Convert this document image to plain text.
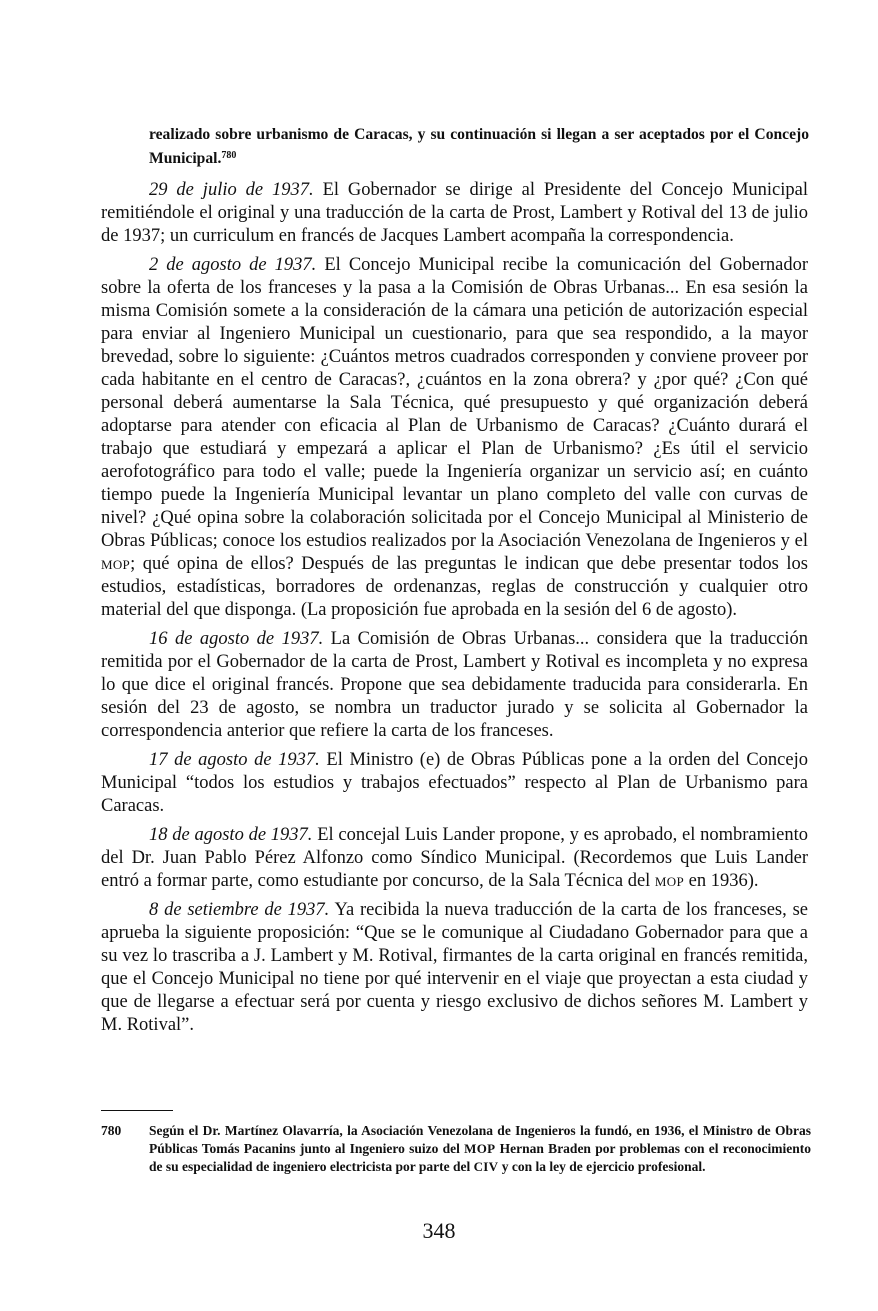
realizado sobre urbanismo de Caracas, y su continuación si llegan a ser aceptados por el Concejo Municipal.$^{780}$

29 de julio de 1937. El Gobernador se dirige al Presidente del Concejo Municipal remitiéndole el original y una traducción de la carta de Prost, Lambert y Rotival del 13 de julio de 1937; un curriculum en francés de Jacques Lambert acompaña la correspondencia.

2 de agosto de 1937. El Concejo Municipal recibe la comunicación del Gobernador sobre la oferta de los franceses y la pasa a la Comisión de Obras Urbanas... En esa sesión la misma Comisión somete a la consideración de la cámara una petición de autorización especial para enviar al Ingeniero Municipal un cuestionario, para que sea respondido, a la mayor brevedad, sobre lo siguiente: ¿Cuántos metros cuadrados corresponden y conviene proveer por cada habitante en el centro de Caracas?, ¿cuántos en la zona obrera? y ¿por qué? ¿Con qué personal deberá aumentarse la Sala Técnica, qué presupuesto y qué organización deberá adoptarse para atender con eficacia al Plan de Urbanismo de Caracas? ¿Cuánto durará el trabajo que estudiará y empezará a aplicar el Plan de Urbanismo? ¿Es útil el servicio aerofotográfico para todo el valle; puede la Ingeniería organizar un servicio así; en cuánto tiempo puede la Ingeniería Municipal levantar un plano completo del valle con curvas de nivel? ¿Qué opina sobre la colaboración solicitada por el Concejo Municipal al Ministerio de Obras Públicas; conoce los estudios realizados por la Asociación Venezolana de Ingenieros y el MOP; qué opina de ellos? Después de las preguntas le indican que debe presentar todos los estudios, estadísticas, borradores de ordenanzas, reglas de construcción y cualquier otro material del que disponga. (La proposición fue aprobada en la sesión del 6 de agosto).

16 de agosto de 1937. La Comisión de Obras Urbanas... considera que la traducción remitida por el Gobernador de la carta de Prost, Lambert y Rotival es incompleta y no expresa lo que dice el original francés. Propone que sea debidamente traducida para considerarla. En sesión del 23 de agosto, se nombra un traductor jurado y se solicita al Gobernador la correspondencia anterior que refiere la carta de los franceses.

17 de agosto de 1937. El Ministro (e) de Obras Públicas pone a la orden del Concejo Municipal “todos los estudios y trabajos efectuados” respecto al Plan de Urbanismo para Caracas.

18 de agosto de 1937. El concejal Luis Lander propone, y es aprobado, el nombramiento del Dr. Juan Pablo Pérez Alfonzo como Síndico Municipal. (Recordemos que Luis Lander entró a formar parte, como estudiante por concurso, de la Sala Técnica del MOP en 1936).

8 de setiembre de 1937. Ya recibida la nueva traducción de la carta de los franceses, se aprueba la siguiente proposición: “Que se le comunique al Ciudadano Gobernador para que a su vez lo trascriba a J. Lambert y M. Rotival, firmantes de la carta original en francés remitida, que el Concejo Municipal no tiene por qué intervenir en el viaje que proyectan a esta ciudad y que de llegarse a efectuar será por cuenta y riesgo exclusivo de dichos señores M. Lambert y M. Rotival”.

780	Según el Dr. Martínez Olavarría, la Asociación Venezolana de Ingenieros la fundó, en 1936, el Ministro de Obras Públicas Tomás Pacanins junto al Ingeniero suizo del MOP Hernan Braden por problemas con el reconocimiento de su especialidad de ingeniero electricista por parte del CIV y con la ley de ejercicio profesional.
348
